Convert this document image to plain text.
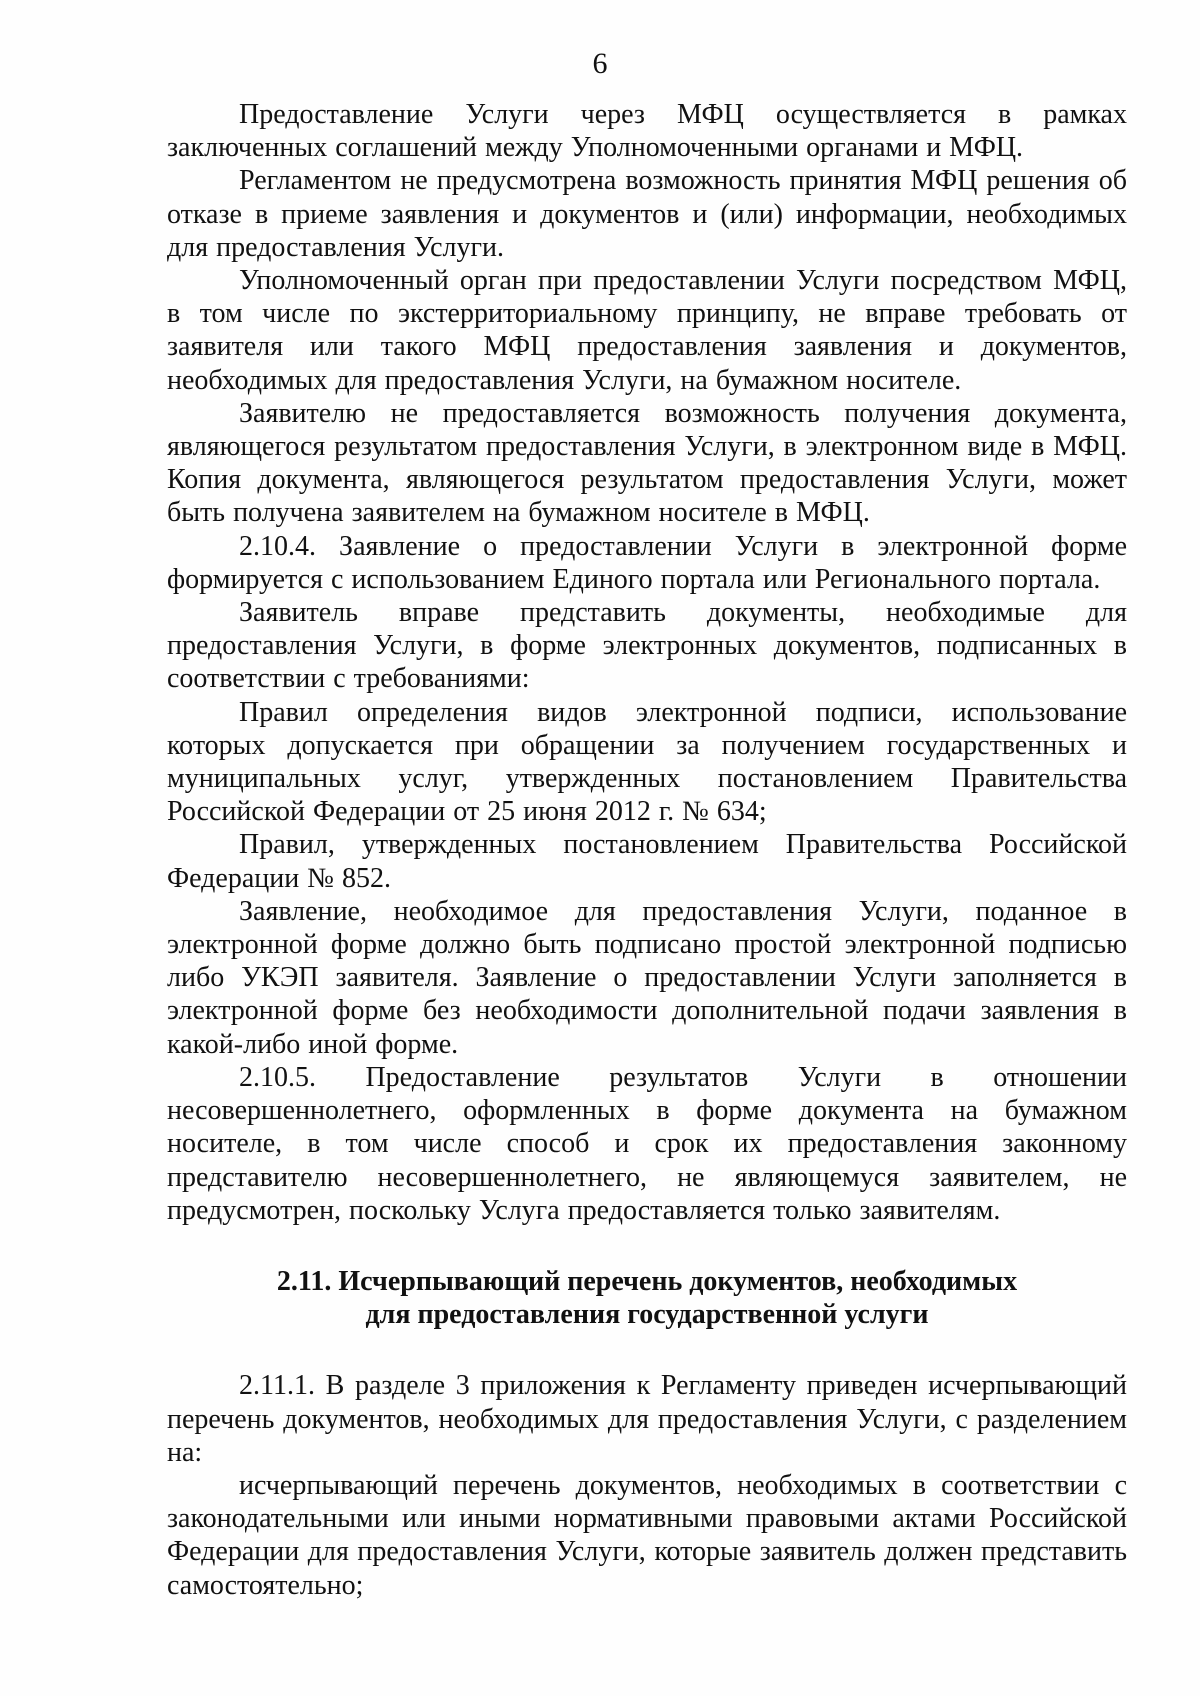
6

Предоставление Услуги через МФЦ осуществляется в рамках заключенных соглашений между Уполномоченными органами и МФЦ.

Регламентом не предусмотрена возможность принятия МФЦ решения об отказе в приеме заявления и документов и (или) информации, необходимых для предоставления Услуги.

Уполномоченный орган при предоставлении Услуги посредством МФЦ, в том числе по экстерриториальному принципу, не вправе требовать от заявителя или такого МФЦ предоставления заявления и документов, необходимых для предоставления Услуги, на бумажном носителе.

Заявителю не предоставляется возможность получения документа, являющегося результатом предоставления Услуги, в электронном виде в МФЦ. Копия документа, являющегося результатом предоставления Услуги, может быть получена заявителем на бумажном носителе в МФЦ.

2.10.4. Заявление о предоставлении Услуги в электронной форме формируется с использованием Единого портала или Регионального портала.

Заявитель вправе представить документы, необходимые для предоставления Услуги, в форме электронных документов, подписанных в соответствии с требованиями:

Правил определения видов электронной подписи, использование которых допускается при обращении за получением государственных и муниципальных услуг, утвержденных постановлением Правительства Российской Федерации от 25 июня 2012 г. № 634;

Правил, утвержденных постановлением Правительства Российской Федерации № 852.

Заявление, необходимое для предоставления Услуги, поданное в электронной форме должно быть подписано простой электронной подписью либо УКЭП заявителя. Заявление о предоставлении Услуги заполняется в электронной форме без необходимости дополнительной подачи заявления в какой-либо иной форме.

2.10.5. Предоставление результатов Услуги в отношении несовершеннолетнего, оформленных в форме документа на бумажном носителе, в том числе способ и срок их предоставления законному представителю несовершеннолетнего, не являющемуся заявителем, не предусмотрен, поскольку Услуга предоставляется только заявителям.

2.11. Исчерпывающий перечень документов, необходимых
для предоставления государственной услуги

2.11.1. В разделе 3 приложения к Регламенту приведен исчерпывающий перечень документов, необходимых для предоставления Услуги, с разделением на:

исчерпывающий перечень документов, необходимых в соответствии с законодательными или иными нормативными правовыми актами Российской Федерации для предоставления Услуги, которые заявитель должен представить самостоятельно;
